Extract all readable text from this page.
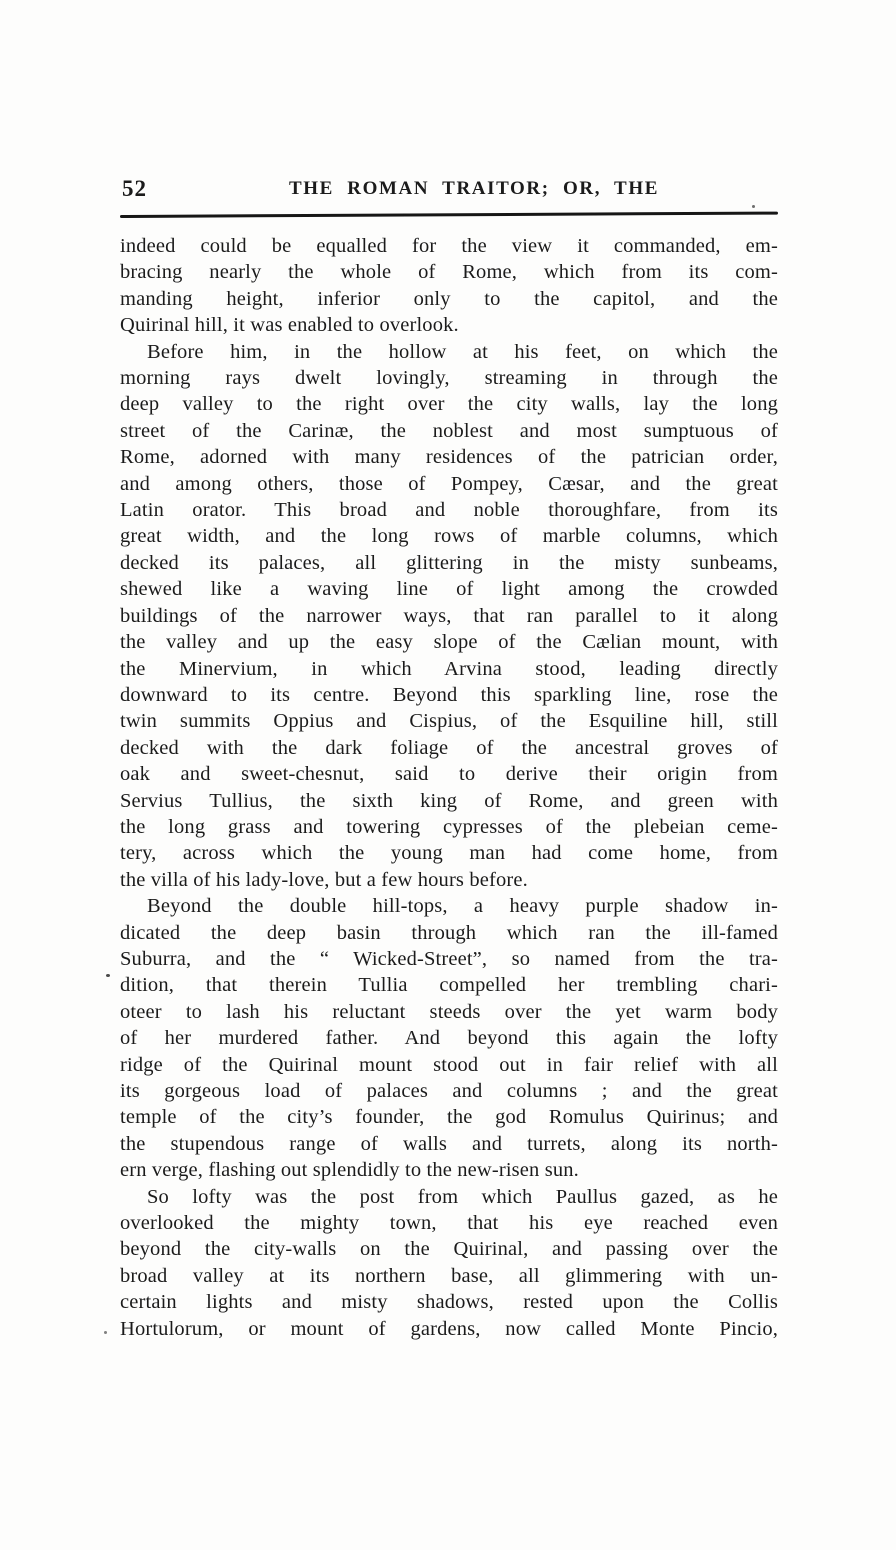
52	THE ROMAN TRAITOR; OR, THE
indeed could be equalled for the view it commanded, em-
bracing nearly the whole of Rome, which from its com-
manding height, inferior only to the capitol, and the
Quirinal hill, it was enabled to overlook.
Before him, in the hollow at his feet, on which the
morning rays dwelt lovingly, streaming in through the
deep valley to the right over the city walls, lay the long
street of the Carinæ, the noblest and most sumptuous of
Rome, adorned with many residences of the patrician order,
and among others, those of Pompey, Cæsar, and the great
Latin orator. This broad and noble thoroughfare, from its
great width, and the long rows of marble columns, which
decked its palaces, all glittering in the misty sunbeams,
shewed like a waving line of light among the crowded
buildings of the narrower ways, that ran parallel to it along
the valley and up the easy slope of the Cælian mount, with
the Minervium, in which Arvina stood, leading directly
downward to its centre. Beyond this sparkling line, rose the
twin summits Oppius and Cispius, of the Esquiline hill, still
decked with the dark foliage of the ancestral groves of
oak and sweet-chesnut, said to derive their origin from
Servius Tullius, the sixth king of Rome, and green with
the long grass and towering cypresses of the plebeian ceme-
tery, across which the young man had come home, from
the villa of his lady-love, but a few hours before.
Beyond the double hill-tops, a heavy purple shadow in-
dicated the deep basin through which ran the ill-famed
Suburra, and the “ Wicked-Street”, so named from the tra-
dition, that therein Tullia compelled her trembling chari-
oteer to lash his reluctant steeds over the yet warm body
of her murdered father. And beyond this again the lofty
ridge of the Quirinal mount stood out in fair relief with all
its gorgeous load of palaces and columns ; and the great
temple of the city’s founder, the god Romulus Quirinus; and
the stupendous range of walls and turrets, along its north-
ern verge, flashing out splendidly to the new-risen sun.
So lofty was the post from which Paullus gazed, as he
overlooked the mighty town, that his eye reached even
beyond the city-walls on the Quirinal, and passing over the
broad valley at its northern base, all glimmering with un-
certain lights and misty shadows, rested upon the Collis
Hortulorum, or mount of gardens, now called Monte Pincio,
